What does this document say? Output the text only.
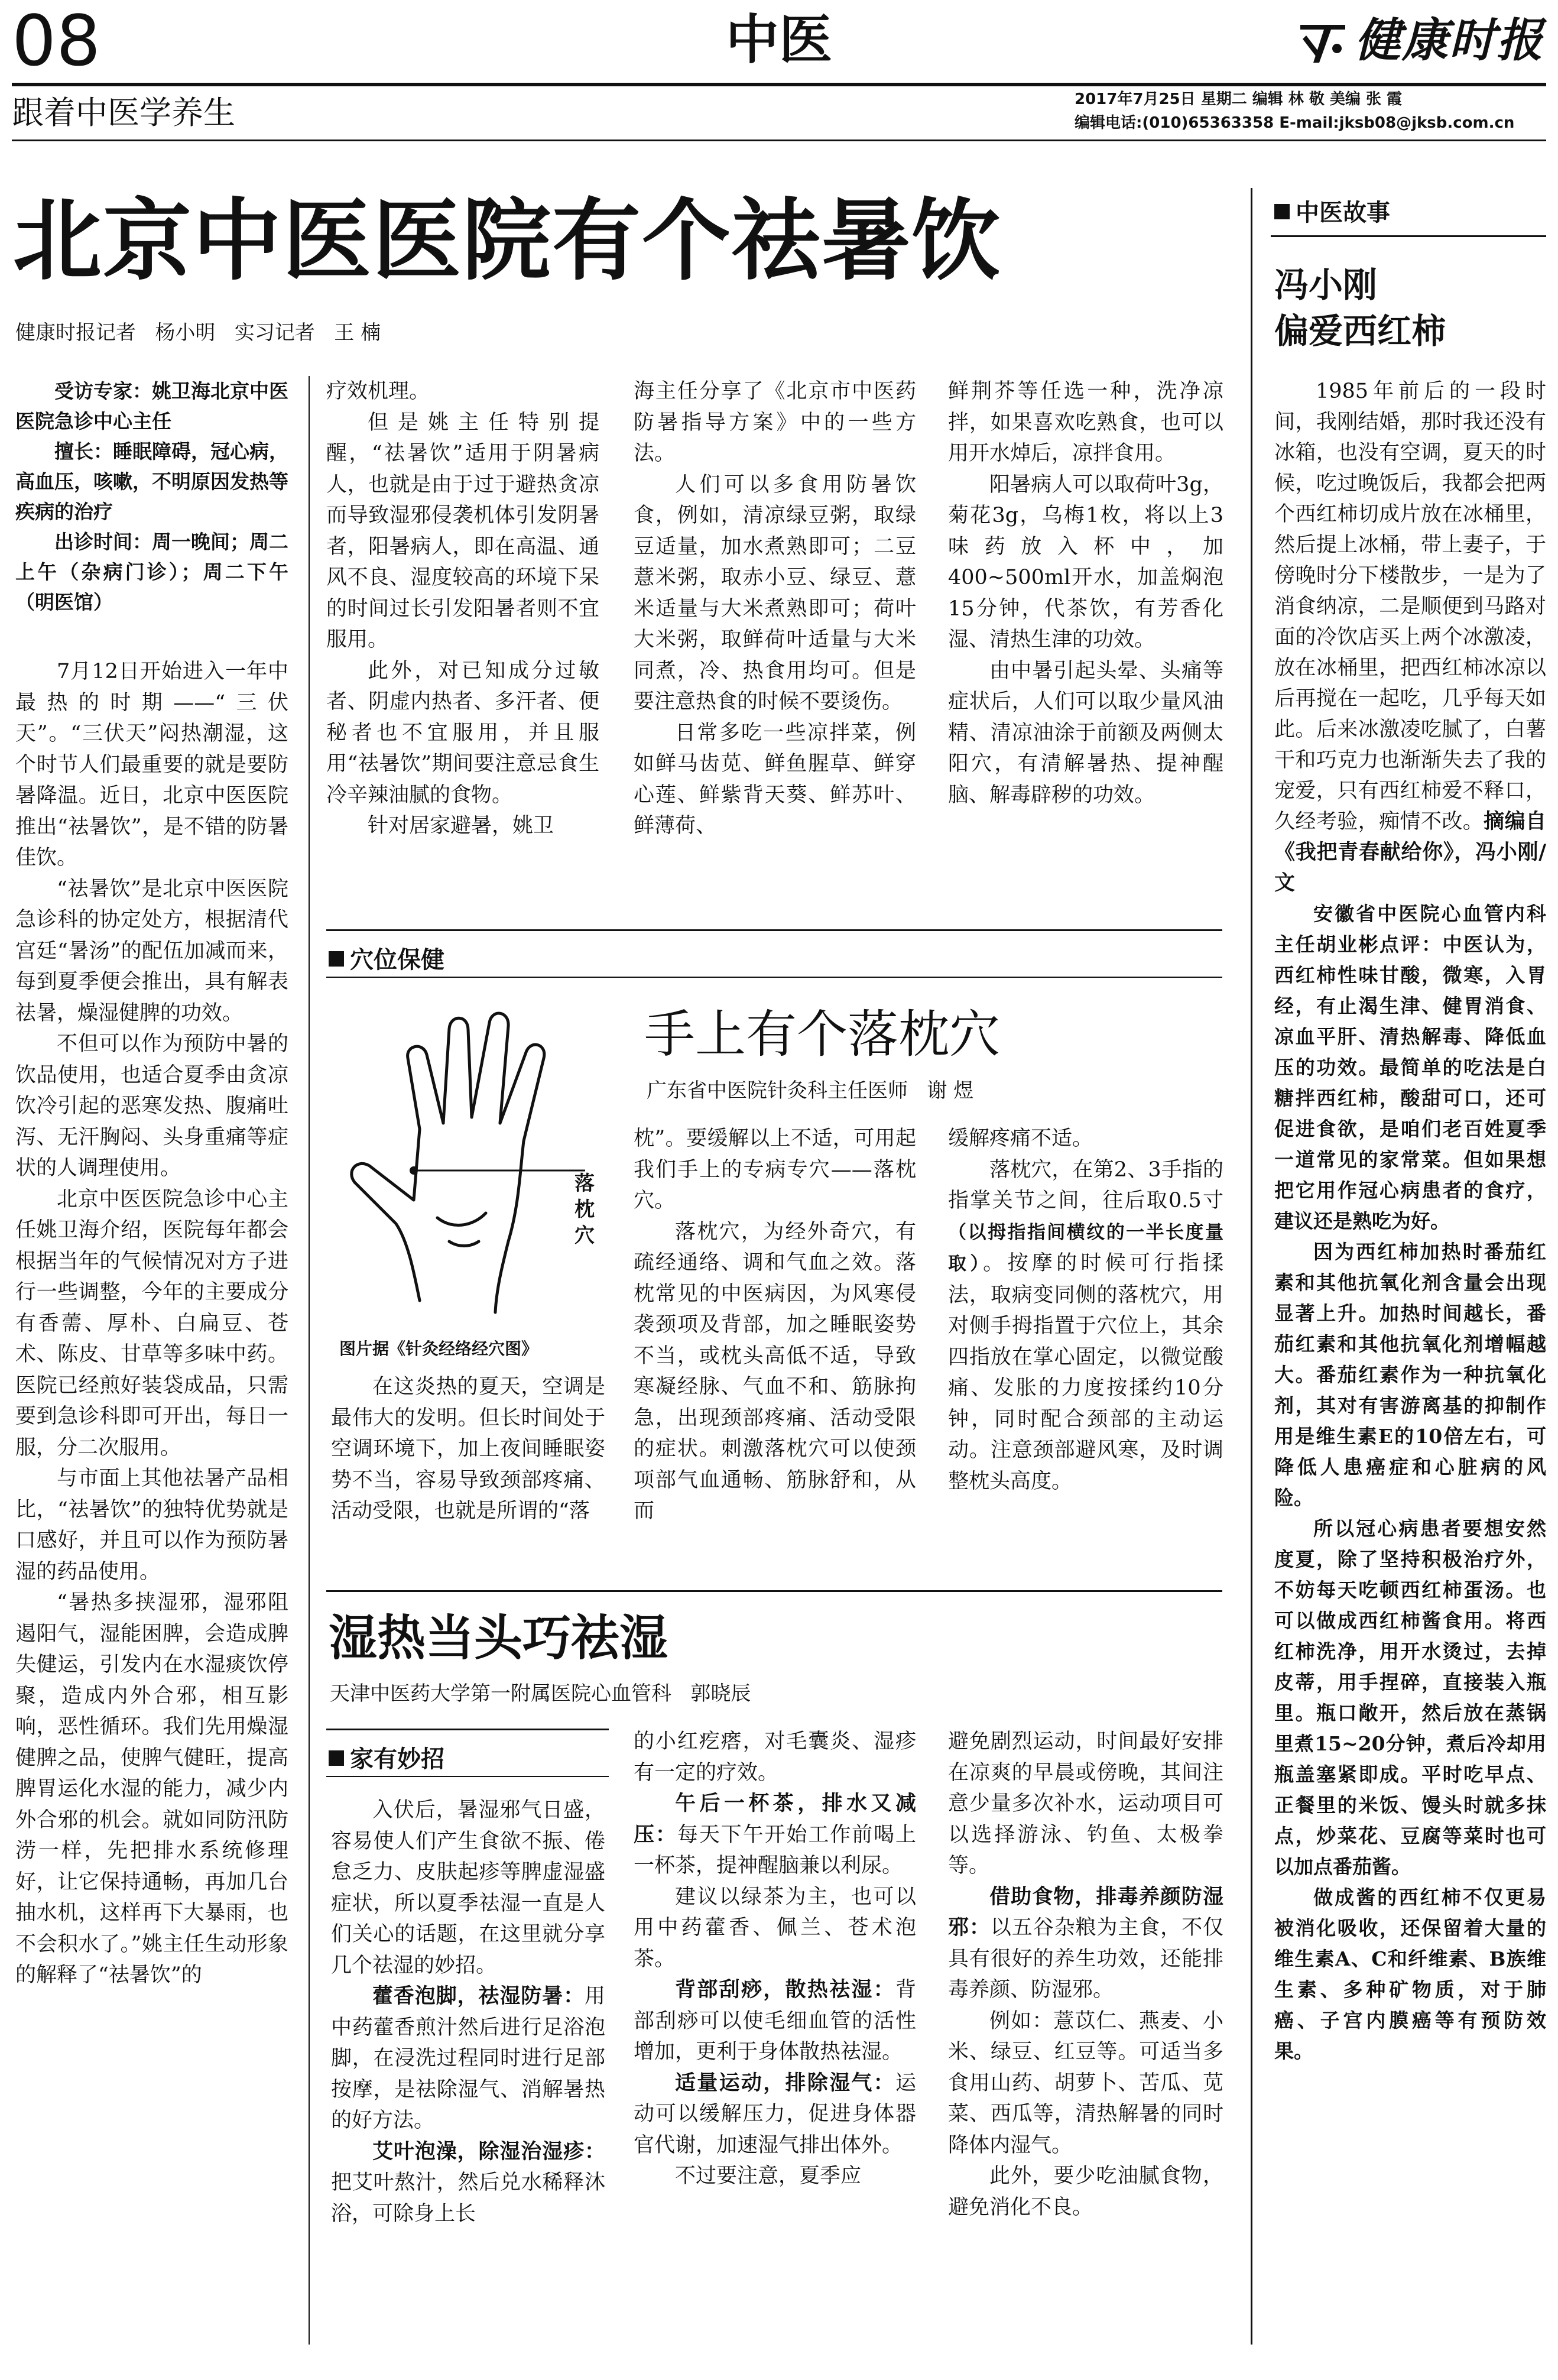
08	中医	健康时报
跟着中医学养生	2017年7月25日 星期二 编辑 林 敬 美编 张 霞
编辑电话:(010)65363358 E-mail:jksb08@jksb.com.cn
北京中医医院有个祛暑饮
健康时报记者   杨小明   实习记者   王 楠

受访专家：姚卫海北京中医医院急诊中心主任

擅长：睡眠障碍，冠心病，高血压，咳嗽，不明原因发热等疾病的治疗

出诊时间：周一晚间；周二上午（杂病门诊）；周二下午（明医馆）

7月12日开始进入一年中最热的时期——“三伏天”。“三伏天”闷热潮湿，这个时节人们最重要的就是要防暑降温。近日，北京中医医院推出“祛暑饮”，是不错的防暑佳饮。

“祛暑饮”是北京中医医院急诊科的协定处方，根据清代宫廷“暑汤”的配伍加减而来，每到夏季便会推出，具有解表祛暑，燥湿健脾的功效。

不但可以作为预防中暑的饮品使用，也适合夏季由贪凉饮冷引起的恶寒发热、腹痛吐泻、无汗胸闷、头身重痛等症状的人调理使用。

北京中医医院急诊中心主任姚卫海介绍，医院每年都会根据当年的气候情况对方子进行一些调整，今年的主要成分有香薷、厚朴、白扁豆、苍术、陈皮、甘草等多味中药。医院已经煎好装袋成品，只需要到急诊科即可开出，每日一服，分二次服用。

与市面上其他祛暑产品相比，“祛暑饮”的独特优势就是口感好，并且可以作为预防暑湿的药品使用。

“暑热多挟湿邪，湿邪阻遏阳气，湿能困脾，会造成脾失健运，引发内在水湿痰饮停聚，造成内外合邪，相互影响，恶性循环。我们先用燥湿健脾之品，使脾气健旺，提高脾胃运化水湿的能力，减少内外合邪的机会。就如同防汛防涝一样，先把排水系统修理好，让它保持通畅，再加几台抽水机，这样再下大暴雨，也不会积水了。”姚主任生动形象的解释了“祛暑饮”的

疗效机理。

但是姚主任特别提醒，“祛暑饮”适用于阴暑病人，也就是由于过于避热贪凉而导致湿邪侵袭机体引发阴暑者，阳暑病人，即在高温、通风不良、湿度较高的环境下呆的时间过长引发阳暑者则不宜服用。

此外，对已知成分过敏者、阴虚内热者、多汗者、便秘者也不宜服用，并且服用“祛暑饮”期间要注意忌食生冷辛辣油腻的食物。

针对居家避暑，姚卫

海主任分享了《北京市中医药防暑指导方案》中的一些方法。

人们可以多食用防暑饮食，例如，清凉绿豆粥，取绿豆适量，加水煮熟即可；二豆薏米粥，取赤小豆、绿豆、薏米适量与大米煮熟即可；荷叶大米粥，取鲜荷叶适量与大米同煮，冷、热食用均可。但是要注意热食的时候不要烫伤。

日常多吃一些凉拌菜，例如鲜马齿苋、鲜鱼腥草、鲜穿心莲、鲜紫背天葵、鲜苏叶、鲜薄荷、

鲜荆芥等任选一种，洗净凉拌，如果喜欢吃熟食，也可以用开水焯后，凉拌食用。

阳暑病人可以取荷叶3g，菊花3g，乌梅1枚，将以上3味药放入杯中，加400~500ml开水，加盖焖泡15分钟，代茶饮，有芳香化湿、清热生津的功效。

由中暑引起头晕、头痛等症状后，人们可以取少量风油精、清凉油涂于前额及两侧太阳穴，有清解暑热、提神醒脑、解毒辟秽的功效。

穴位保健
落枕穴
图片据《针灸经络经穴图》
手上有个落枕穴
广东省中医院针灸科主任医师   谢 煜

在这炎热的夏天，空调是最伟大的发明。但长时间处于空调环境下，加上夜间睡眠姿势不当，容易导致颈部疼痛、活动受限，也就是所谓的“落

枕”。要缓解以上不适，可用起我们手上的专病专穴——落枕穴。

落枕穴，为经外奇穴，有疏经通络、调和气血之效。落枕常见的中医病因，为风寒侵袭颈项及背部，加之睡眠姿势不当，或枕头高低不适，导致寒凝经脉、气血不和、筋脉拘急，出现颈部疼痛、活动受限的症状。刺激落枕穴可以使颈项部气血通畅、筋脉舒和，从而

缓解疼痛不适。

落枕穴，在第2、3手指的指掌关节之间，往后取0.5寸（以拇指指间横纹的一半长度量取）。按摩的时候可行指揉法，取病变同侧的落枕穴，用对侧手拇指置于穴位上，其余四指放在掌心固定，以微觉酸痛、发胀的力度按揉约10分钟，同时配合颈部的主动运动。注意颈部避风寒，及时调整枕头高度。

湿热当头巧祛湿
天津中医药大学第一附属医院心血管科   郭晓辰
家有妙招

入伏后，暑湿邪气日盛，容易使人们产生食欲不振、倦怠乏力、皮肤起疹等脾虚湿盛症状，所以夏季祛湿一直是人们关心的话题，在这里就分享几个祛湿的妙招。

藿香泡脚，祛湿防暑：用中药藿香煎汁然后进行足浴泡脚，在浸洗过程同时进行足部按摩，是祛除湿气、消解暑热的好方法。

艾叶泡澡，除湿治湿疹：把艾叶熬汁，然后兑水稀释沐浴，可除身上长

的小红疙瘩，对毛囊炎、湿疹有一定的疗效。

午后一杯茶，排水又减压：每天下午开始工作前喝上一杯茶，提神醒脑兼以利尿。

建议以绿茶为主，也可以用中药藿香、佩兰、苍术泡茶。

背部刮痧，散热祛湿：背部刮痧可以使毛细血管的活性增加，更利于身体散热祛湿。

适量运动，排除湿气：运动可以缓解压力，促进身体器官代谢，加速湿气排出体外。

不过要注意，夏季应

避免剧烈运动，时间最好安排在凉爽的早晨或傍晚，其间注意少量多次补水，运动项目可以选择游泳、钓鱼、太极拳等。

借助食物，排毒养颜防湿邪：以五谷杂粮为主食，不仅具有很好的养生功效，还能排毒养颜、防湿邪。

例如：薏苡仁、燕麦、小米、绿豆、红豆等。可适当多食用山药、胡萝卜、苦瓜、苋菜、西瓜等，清热解暑的同时降体内湿气。

此外，要少吃油腻食物，避免消化不良。

中医故事
冯小刚
偏爱西红柿

1985年前后的一段时间，我刚结婚，那时我还没有冰箱，也没有空调，夏天的时候，吃过晚饭后，我都会把两个西红柿切成片放在冰桶里，然后提上冰桶，带上妻子，于傍晚时分下楼散步，一是为了消食纳凉，二是顺便到马路对面的冷饮店买上两个冰激凌，放在冰桶里，把西红柿冰凉以后再搅在一起吃，几乎每天如此。后来冰激凌吃腻了，白薯干和巧克力也渐渐失去了我的宠爱，只有西红柿爱不释口，久经考验，痴情不改。摘编自《我把青春献给你》，冯小刚/文

安徽省中医院心血管内科主任胡业彬点评：中医认为，西红柿性味甘酸，微寒，入胃经，有止渴生津、健胃消食、凉血平肝、清热解毒、降低血压的功效。最简单的吃法是白糖拌西红柿，酸甜可口，还可促进食欲，是咱们老百姓夏季一道常见的家常菜。但如果想把它用作冠心病患者的食疗，建议还是熟吃为好。

因为西红柿加热时番茄红素和其他抗氧化剂含量会出现显著上升。加热时间越长，番茄红素和其他抗氧化剂增幅越大。番茄红素作为一种抗氧化剂，其对有害游离基的抑制作用是维生素E的10倍左右，可降低人患癌症和心脏病的风险。

所以冠心病患者要想安然度夏，除了坚持积极治疗外，不妨每天吃顿西红柿蛋汤。也可以做成西红柿酱食用。将西红柿洗净，用开水烫过，去掉皮蒂，用手捏碎，直接装入瓶里。瓶口敞开，然后放在蒸锅里煮15~20分钟，煮后冷却用瓶盖塞紧即成。平时吃早点、正餐里的米饭、馒头时就多抹点，炒菜花、豆腐等菜时也可以加点番茄酱。

做成酱的西红柿不仅更易被消化吸收，还保留着大量的维生素A、C和纤维素、B族维生素、多种矿物质，对于肺癌、子宫内膜癌等有预防效果。
